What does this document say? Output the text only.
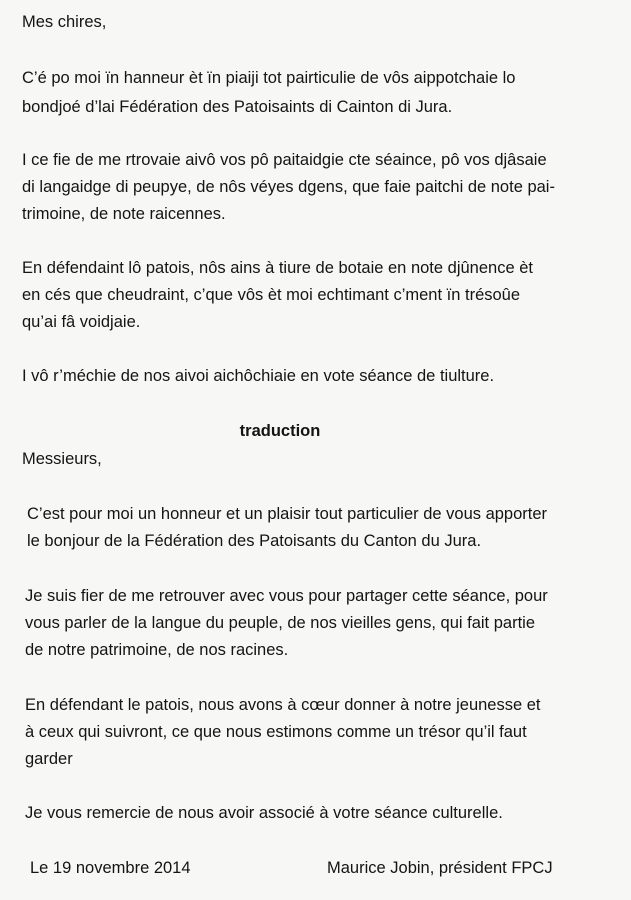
Mes chires,
C’é po moi ïn hanneur èt ïn piaiji tot pairticulie de vôs aippotchaie lo
bondjoé d’lai Fédération des Patoisaints di Cainton di Jura.
I ce fie de me rtrovaie aivô vos pô paitaidgie cte séaince, pô vos djâsaie
di langaidge di peupye, de nôs véyes dgens, que faie paitchi de note pai-
trimoine, de note raicennes.
En défendaint lô patois, nôs ains à tiure de botaie en note djûnence èt
en cés que cheudraint, c’que vôs èt moi echtimant c’ment ïn trésoûe
qu’ai fâ voidjaie.
I vô r’méchie de nos aivoi aichôchiaie en vote séance de tiulture.
traduction
Messieurs,
C’est pour moi un honneur et un plaisir tout particulier de vous apporter
le bonjour de la Fédération des Patoisants du Canton du Jura.
Je suis fier de me retrouver avec vous pour partager cette séance, pour
vous parler de la langue du peuple, de nos vieilles gens, qui fait partie
de notre patrimoine, de nos racines.
En défendant le patois, nous avons à cœur donner à notre jeunesse et
à ceux qui suivront, ce que nous estimons comme un trésor qu’il faut
garder
Je vous remercie de nous avoir associé à votre séance culturelle.
Le 19 novembre 2014	Maurice Jobin, président FPCJ
